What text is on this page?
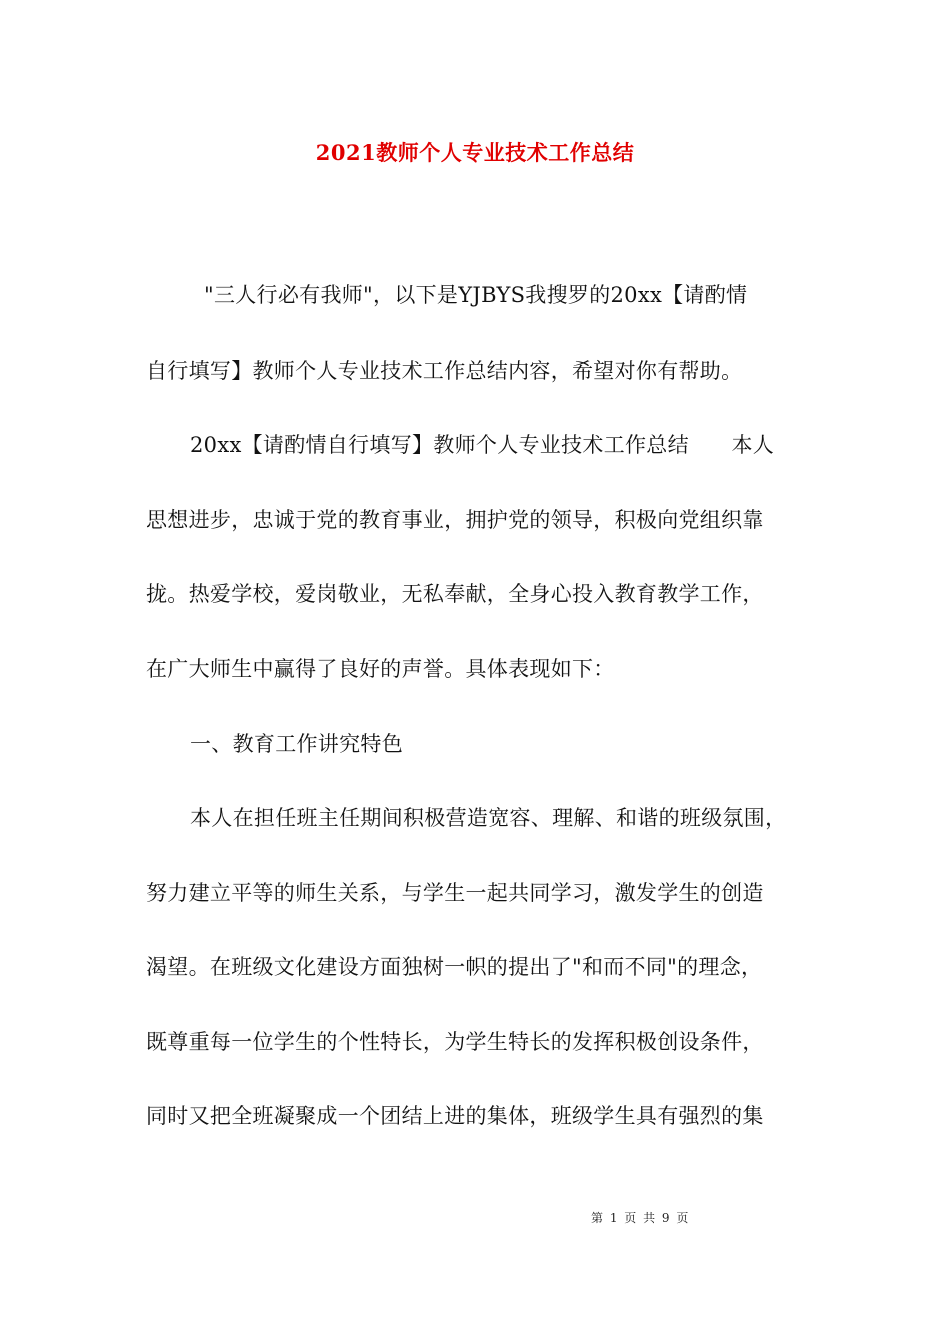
2021教师个人专业技术工作总结
"三人行必有我师"，以下是YJBYS我搜罗的20xx【请酌情
自行填写】教师个人专业技术工作总结内容，希望对你有帮助。
20xx【请酌情自行填写】教师个人专业技术工作总结　　本人
思想进步，忠诚于党的教育事业，拥护党的领导，积极向党组织靠
拢。热爱学校，爱岗敬业，无私奉献，全身心投入教育教学工作，
在广大师生中赢得了良好的声誉。具体表现如下：
一、教育工作讲究特色
本人在担任班主任期间积极营造宽容、理解、和谐的班级氛围，
努力建立平等的师生关系，与学生一起共同学习，激发学生的创造
渴望。在班级文化建设方面独树一帜的提出了"和而不同"的理念，
既尊重每一位学生的个性特长，为学生特长的发挥积极创设条件，
同时又把全班凝聚成一个团结上进的集体，班级学生具有强烈的集
第 1 页 共 9 页
